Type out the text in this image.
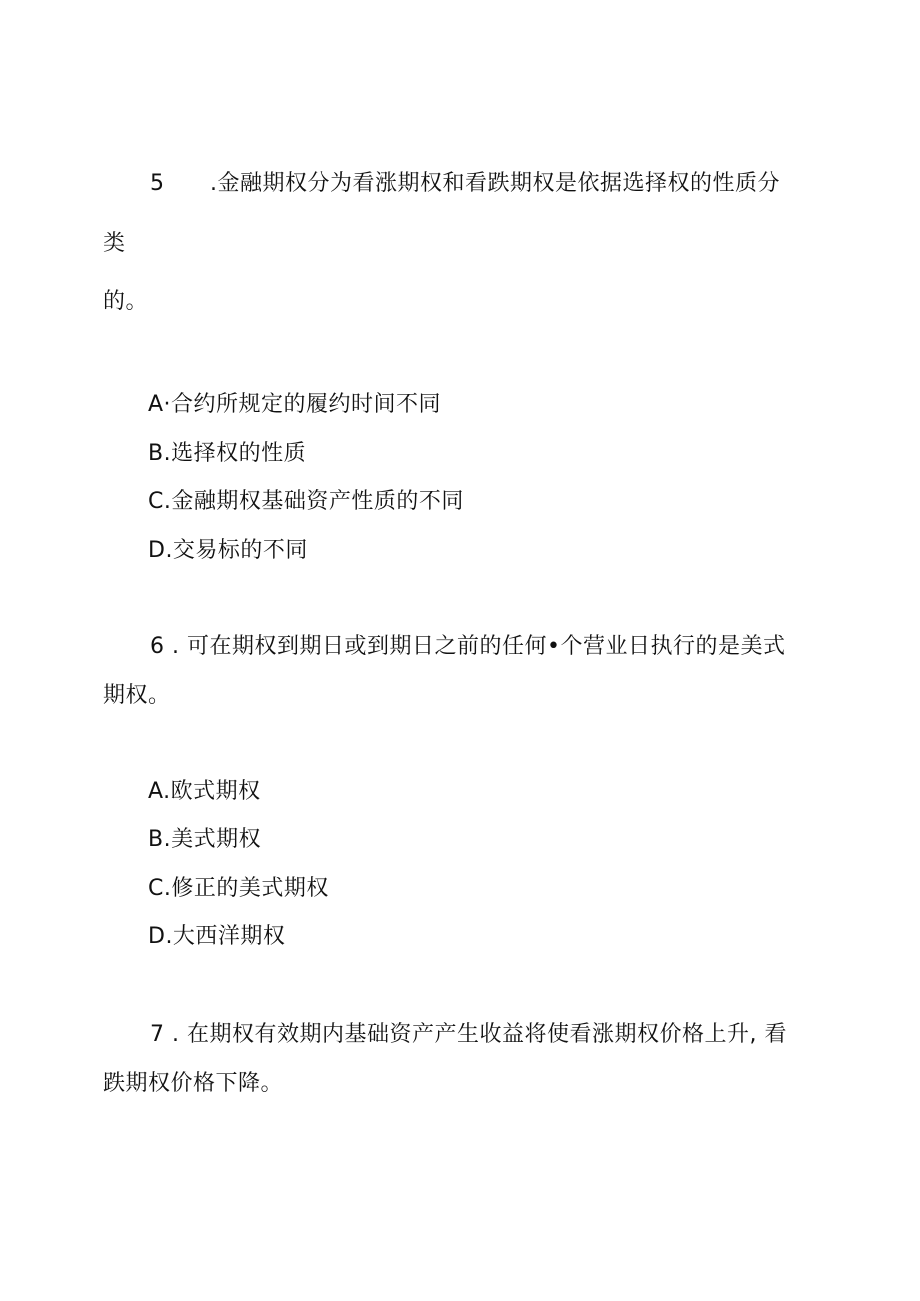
5 .金融期权分为看涨期权和看跌期权是依据选择权的性质分
类
的。
A·合约所规定的履约时间不同
B.选择权的性质
C.金融期权基础资产性质的不同
D.交易标的不同
6 . 可在期权到期日或到期日之前的任何•个营业日执行的是美式
期权。
A.欧式期权
B.美式期权
C.修正的美式期权
D.大西洋期权
7 . 在期权有效期内基础资产产生收益将使看涨期权价格上升, 看
跌期权价格下降。
